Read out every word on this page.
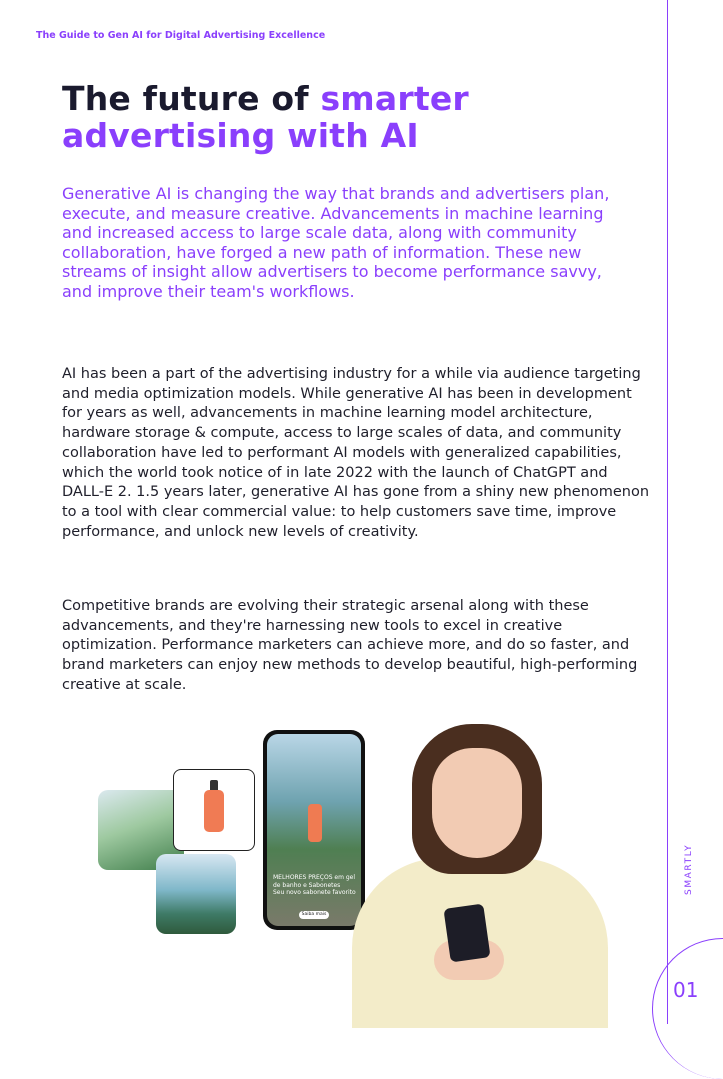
The Guide to Gen AI for Digital Advertising Excellence
The future of smarter advertising with AI

Generative AI is changing the way that brands and advertisers plan, execute, and measure creative. Advancements in machine learning and increased access to large scale data, along with community collaboration, have forged a new path of information. These new streams of insight allow advertisers to become performance savvy, and improve their team's workflows.

AI has been a part of the advertising industry for a while via audience targeting and media optimization models. While generative AI has been in development for years as well, advancements in machine learning model architecture, hardware storage & compute, access to large scales of data, and community collaboration have led to performant AI models with generalized capabilities, which the world took notice of in late 2022 with the launch of ChatGPT and DALL-E 2. 1.5 years later, generative AI has gone from a shiny new phenomenon to a tool with clear commercial value: to help customers save time, improve performance, and unlock new levels of creativity.

Competitive brands are evolving their strategic arsenal along with these advancements, and they're harnessing new tools to excel in creative optimization. Performance marketers can achieve more, and do so faster, and brand marketers can enjoy new methods to develop beautiful, high-performing creative at scale.

MELHORES PREÇOS em gel de banho e Sabonetes
Seu novo sabonete favorito
Saiba mais
SMARTLY
01
